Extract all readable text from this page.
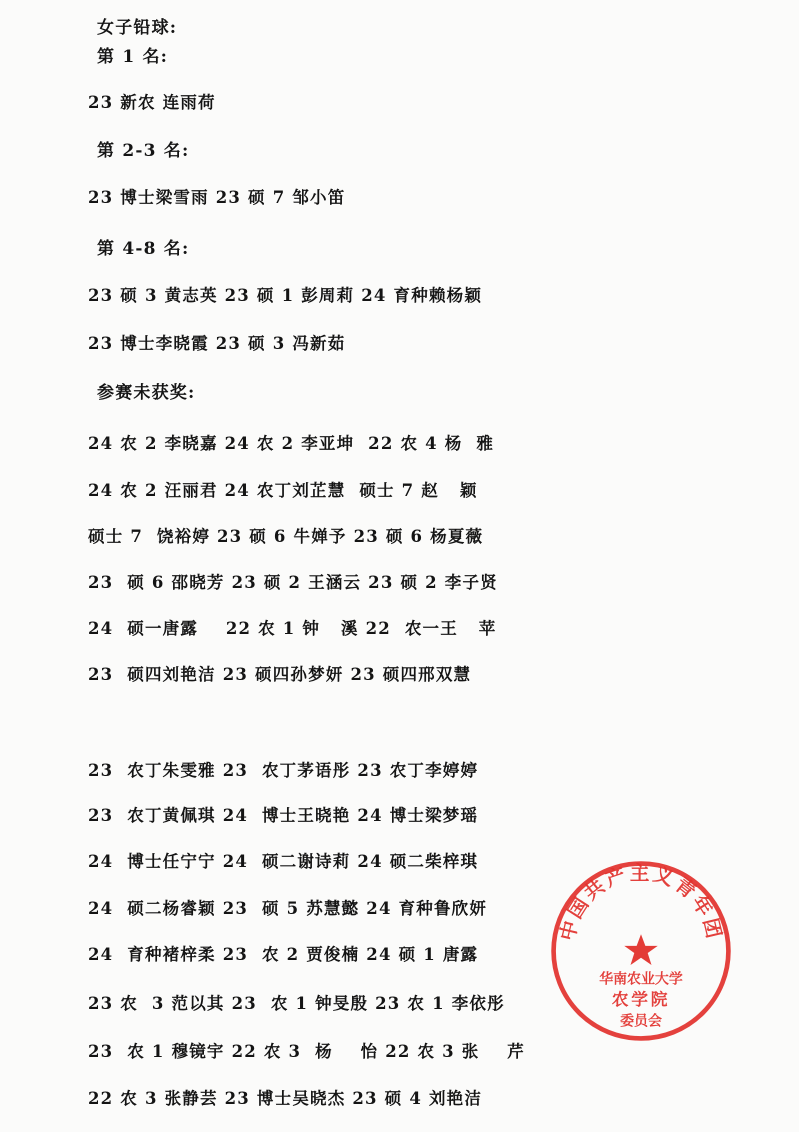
女子铅球:
第 1 名:
23 新农 连雨荷
第 2-3 名:
23 博士梁雪雨 23 硕 7 邹小笛
第 4-8 名:
23 硕 3 黄志英 23 硕 1 彭周莉 24 育种赖杨颖
23 博士李晓霞 23 硕 3 冯新茹
参赛未获奖:
24 农 2 李晓嘉 24 农 2 李亚坤  22 农 4 杨  雅
24 农 2 汪丽君 24 农丁刘芷慧  硕士 7 赵   颖
硕士 7  饶裕婷 23 硕 6 牛婵予 23 硕 6 杨夏薇
23  硕 6 邵晓芳 23 硕 2 王涵云 23 硕 2 李子贤
24  硕一唐露    22 农 1 钟   溪 22  农一王   苹
23  硕四刘艳洁 23 硕四孙梦妍 23 硕四邢双慧
23  农丁朱雯雅 23  农丁茅语彤 23 农丁李婷婷
23  农丁黄佩琪 24  博士王晓艳 24 博士梁梦瑶
24  博士任宁宁 24  硕二谢诗莉 24 硕二柴梓琪
24  硕二杨睿颖 23  硕 5 苏慧懿 24 育种鲁欣妍
24  育种褚梓柔 23  农 2 贾俊楠 24 硕 1 唐露
23 农  3 范以其 23  农 1 钟旻殷 23 农 1 李依彤
23  农 1 穆镜宇 22 农 3  杨    怡 22 农 3 张    芹
22 农 3 张静芸 23 博士吴晓杰 23 硕 4 刘艳洁
中国共产主义青年团
华南农业大学
农学院
委员会
